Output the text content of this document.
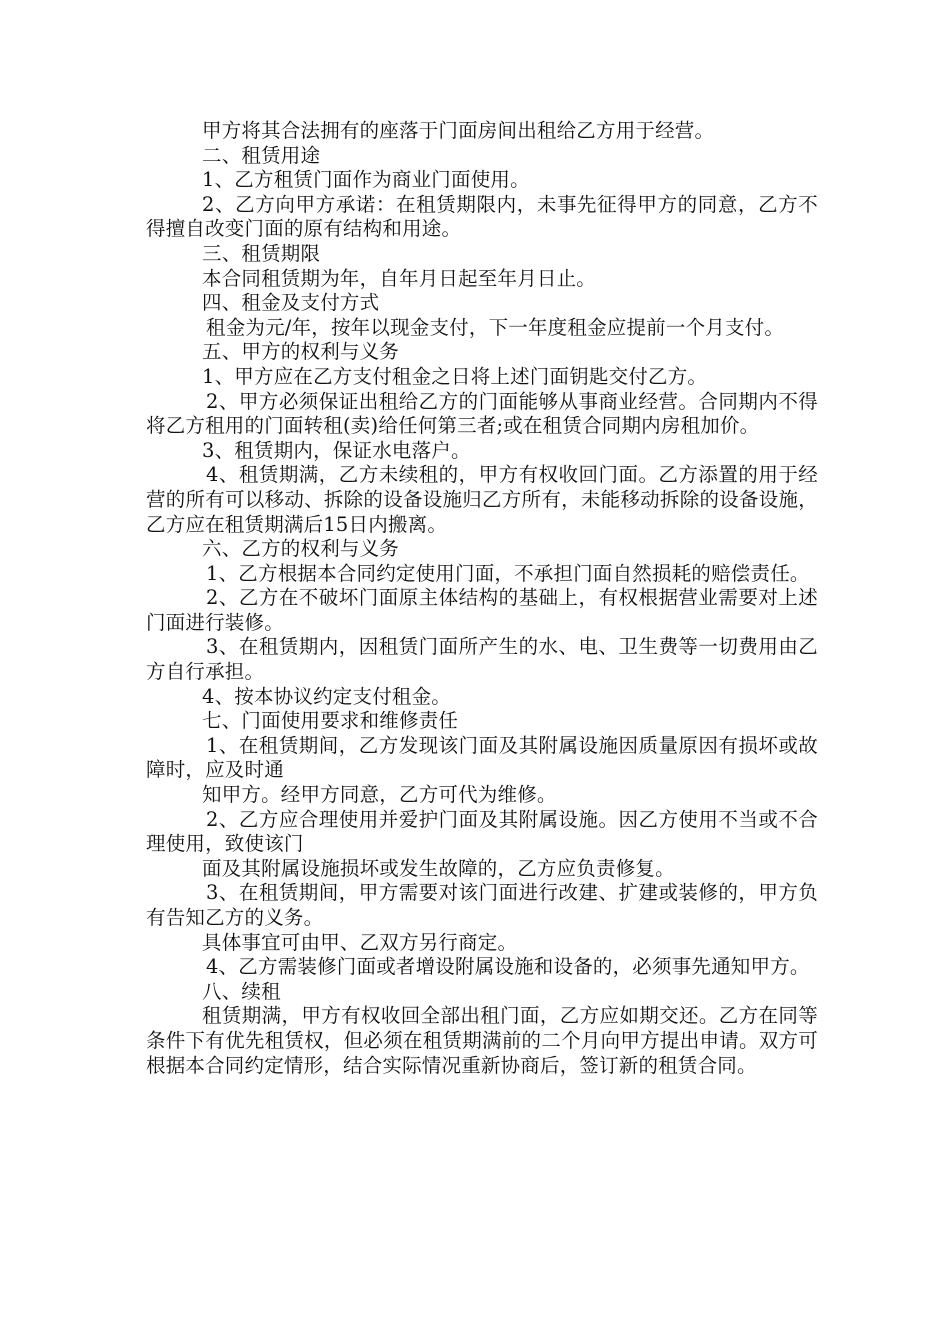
甲方将其合法拥有的座落于门面房间出租给乙方用于经营。

二、租赁用途

1、乙方租赁门面作为商业门面使用。

2、乙方向甲方承诺：在租赁期限内，未事先征得甲方的同意，乙方不得擅自改变门面的原有结构和用途。

三、租赁期限

本合同租赁期为年，自年月日起至年月日止。

四、租金及支付方式

租金为元/年，按年以现金支付，下一年度租金应提前一个月支付。

五、甲方的权利与义务

1、甲方应在乙方支付租金之日将上述门面钥匙交付乙方。

2、甲方必须保证出租给乙方的门面能够从事商业经营。合同期内不得将乙方租用的门面转租(卖)给任何第三者;或在租赁合同期内房租加价。

3、租赁期内，保证水电落户。

4、租赁期满，乙方未续租的，甲方有权收回门面。乙方添置的用于经营的所有可以移动、拆除的设备设施归乙方所有，未能移动拆除的设备设施，乙方应在租赁期满后15日内搬离。

六、乙方的权利与义务

1、乙方根据本合同约定使用门面，不承担门面自然损耗的赔偿责任。

2、乙方在不破坏门面原主体结构的基础上，有权根据营业需要对上述门面进行装修。

3、在租赁期内，因租赁门面所产生的水、电、卫生费等一切费用由乙方自行承担。

4、按本协议约定支付租金。

七、门面使用要求和维修责任

1、在租赁期间，乙方发现该门面及其附属设施因质量原因有损坏或故障时，应及时通

知甲方。经甲方同意，乙方可代为维修。

2、乙方应合理使用并爱护门面及其附属设施。因乙方使用不当或不合理使用，致使该门

面及其附属设施损坏或发生故障的，乙方应负责修复。

3、在租赁期间，甲方需要对该门面进行改建、扩建或装修的，甲方负有告知乙方的义务。

具体事宜可由甲、乙双方另行商定。

4、乙方需装修门面或者增设附属设施和设备的，必须事先通知甲方。

八、续租

租赁期满，甲方有权收回全部出租门面，乙方应如期交还。乙方在同等条件下有优先租赁权，但必须在租赁期满前的二个月向甲方提出申请。双方可根据本合同约定情形，结合实际情况重新协商后，签订新的租赁合同。
